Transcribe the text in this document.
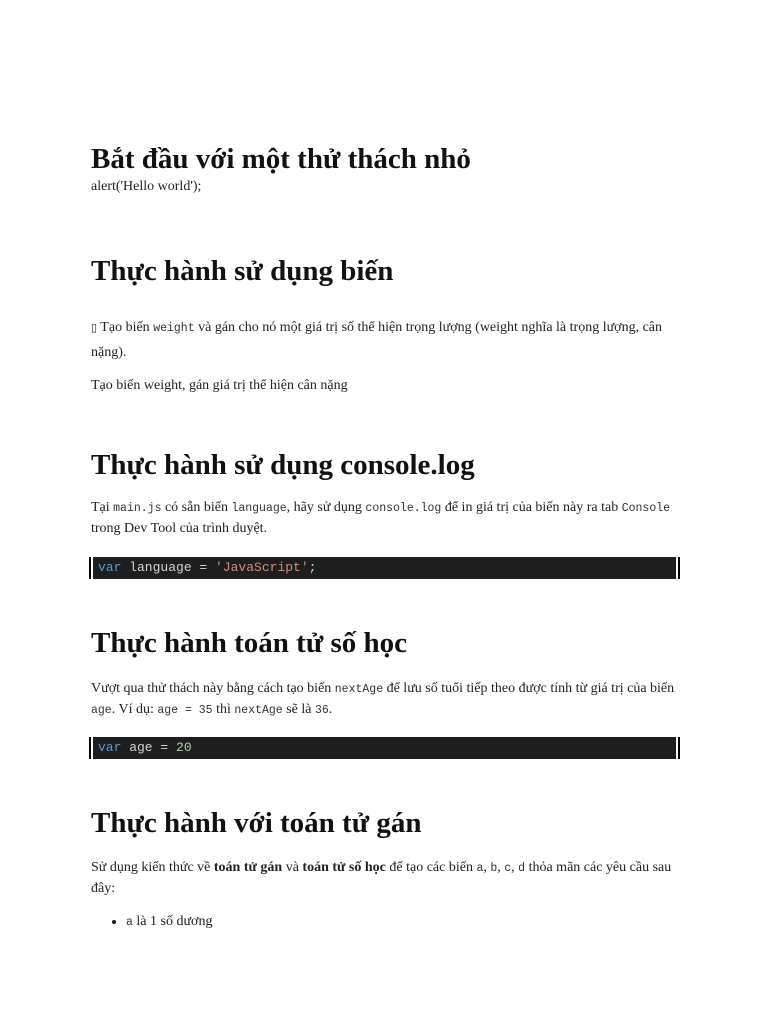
Bắt đầu với một thử thách nhỏ

alert('Hello world');

Thực hành sử dụng biến

▯ Tạo biến weight và gán cho nó một giá trị số thể hiện trọng lượng (weight nghĩa là trọng lượng, cân nặng).

Tạo biến weight, gán giá trị thể hiện cân nặng

Thực hành sử dụng console.log

Tại main.js có sẵn biến language, hãy sử dụng console.log để in giá trị của biến này ra tab Console trong Dev Tool của trình duyệt.

var language = 'JavaScript';
Thực hành toán tử số học

Vượt qua thử thách này bằng cách tạo biến nextAge để lưu số tuổi tiếp theo được tính từ giá trị của biến age. Ví dụ: age = 35 thì nextAge sẽ là 36.

var age = 20
Thực hành với toán tử gán

Sử dụng kiến thức về toán tử gán và toán tử số học để tạo các biến a, b, c, d thỏa mãn các yêu cầu sau đây:

• a là 1 số dương
